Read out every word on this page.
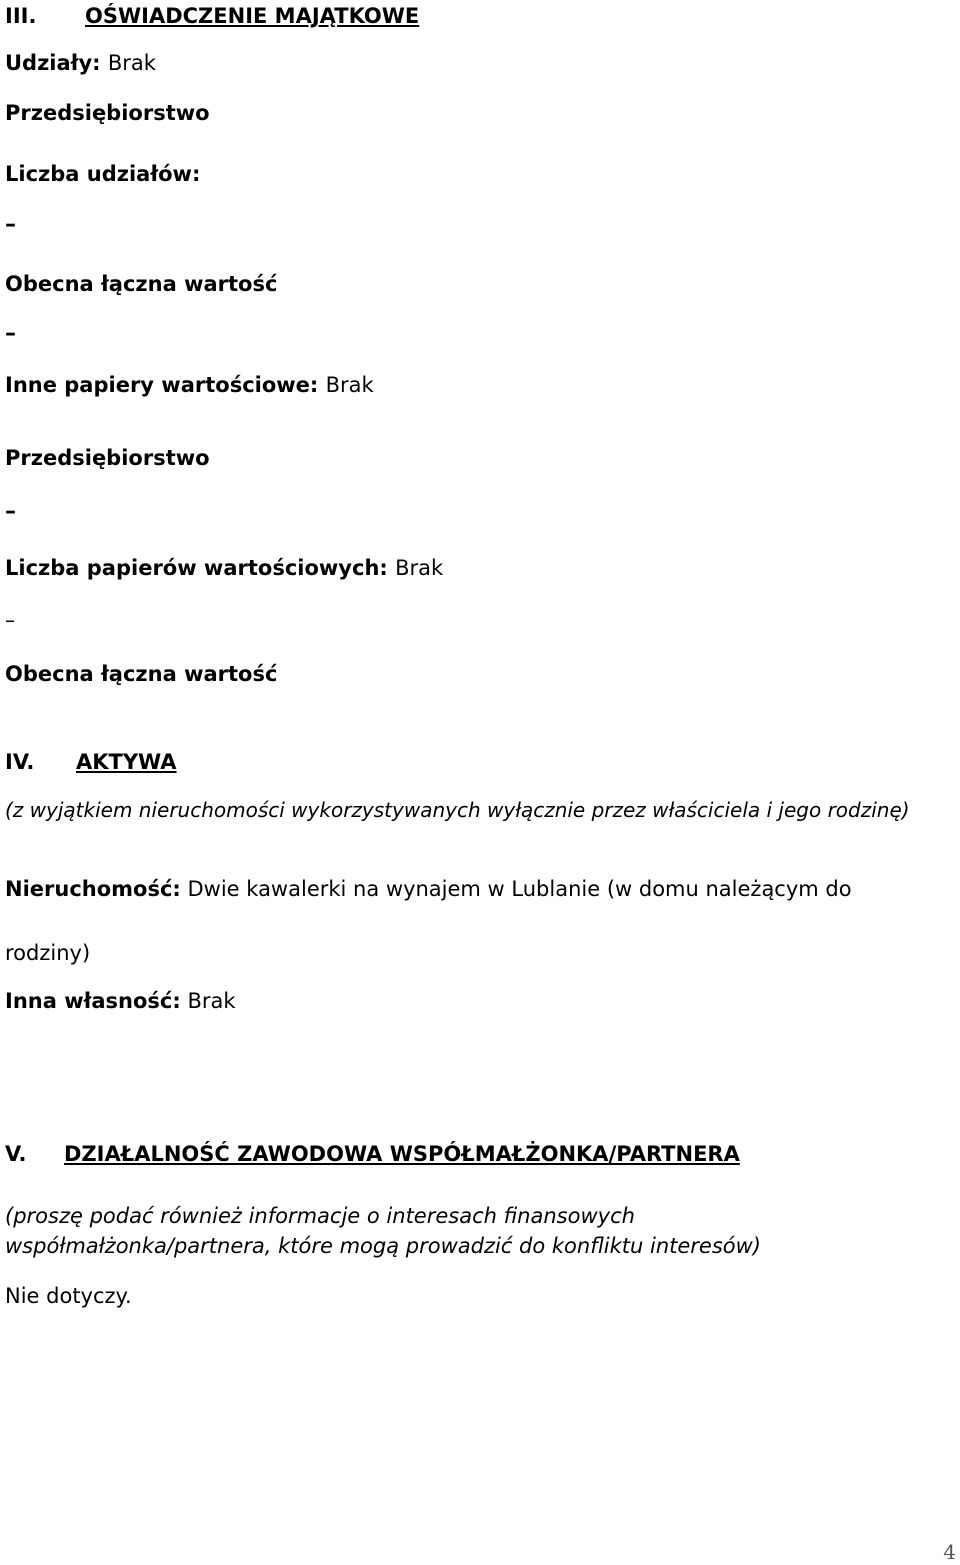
III. OŚWIADCZENIE MAJĄTKOWE

Udziały: Brak

Przedsiębiorstwo

Liczba udziałów:

–

Obecna łączna wartość

–

Inne papiery wartościowe: Brak

Przedsiębiorstwo

–

Liczba papierów wartościowych: Brak

–

Obecna łączna wartość

IV. AKTYWA

(z wyjątkiem nieruchomości wykorzystywanych wyłącznie przez właściciela i jego rodzinę)

Nieruchomość: Dwie kawalerki na wynajem w Lublanie (w domu należącym do

rodziny)

Inna własność: Brak

V. DZIAŁALNOŚĆ ZAWODOWA WSPÓŁMAŁŻONKA/PARTNERA

(proszę podać również informacje o interesach finansowych

współmałżonka/partnera, które mogą prowadzić do konfliktu interesów)

Nie dotyczy.

4
